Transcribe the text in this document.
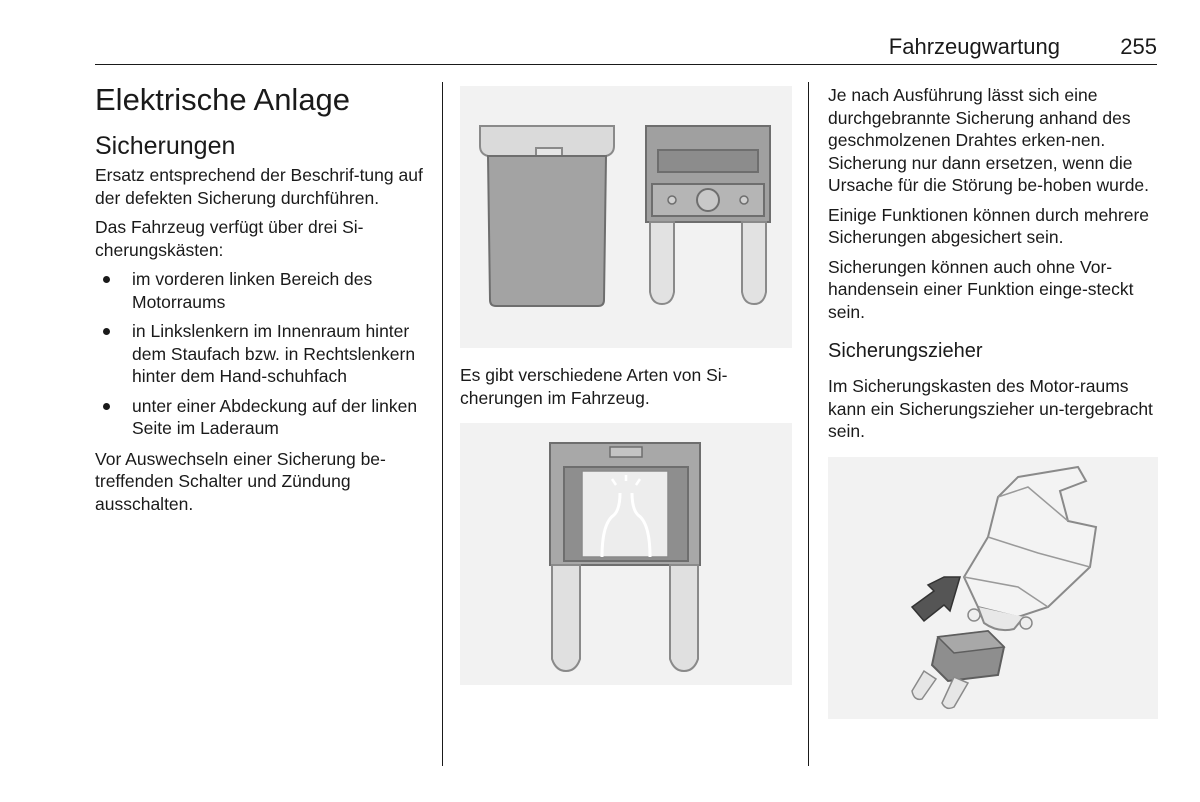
Fahrzeugwartung	255
Elektrische Anlage
Sicherungen

Ersatz entsprechend der Beschrif-tung auf der defekten Sicherung durchführen.

Das Fahrzeug verfügt über drei Si-cherungskästen:

im vorderen linken Bereich des Motorraums
in Linkslenkern im Innenraum hinter dem Staufach bzw. in Rechtslenkern hinter dem Hand-schuhfach
unter einer Abdeckung auf der linken Seite im Laderaum

Vor Auswechseln einer Sicherung be-treffenden Schalter und Zündung ausschalten.

Es gibt verschiedene Arten von Si-cherungen im Fahrzeug.

Je nach Ausführung lässt sich eine durchgebrannte Sicherung anhand des geschmolzenen Drahtes erken-nen. Sicherung nur dann ersetzen, wenn die Ursache für die Störung be-hoben wurde.

Einige Funktionen können durch mehrere Sicherungen abgesichert sein.

Sicherungen können auch ohne Vor-handensein einer Funktion einge-steckt sein.

Sicherungszieher

Im Sicherungskasten des Motor-raums kann ein Sicherungszieher un-tergebracht sein.
